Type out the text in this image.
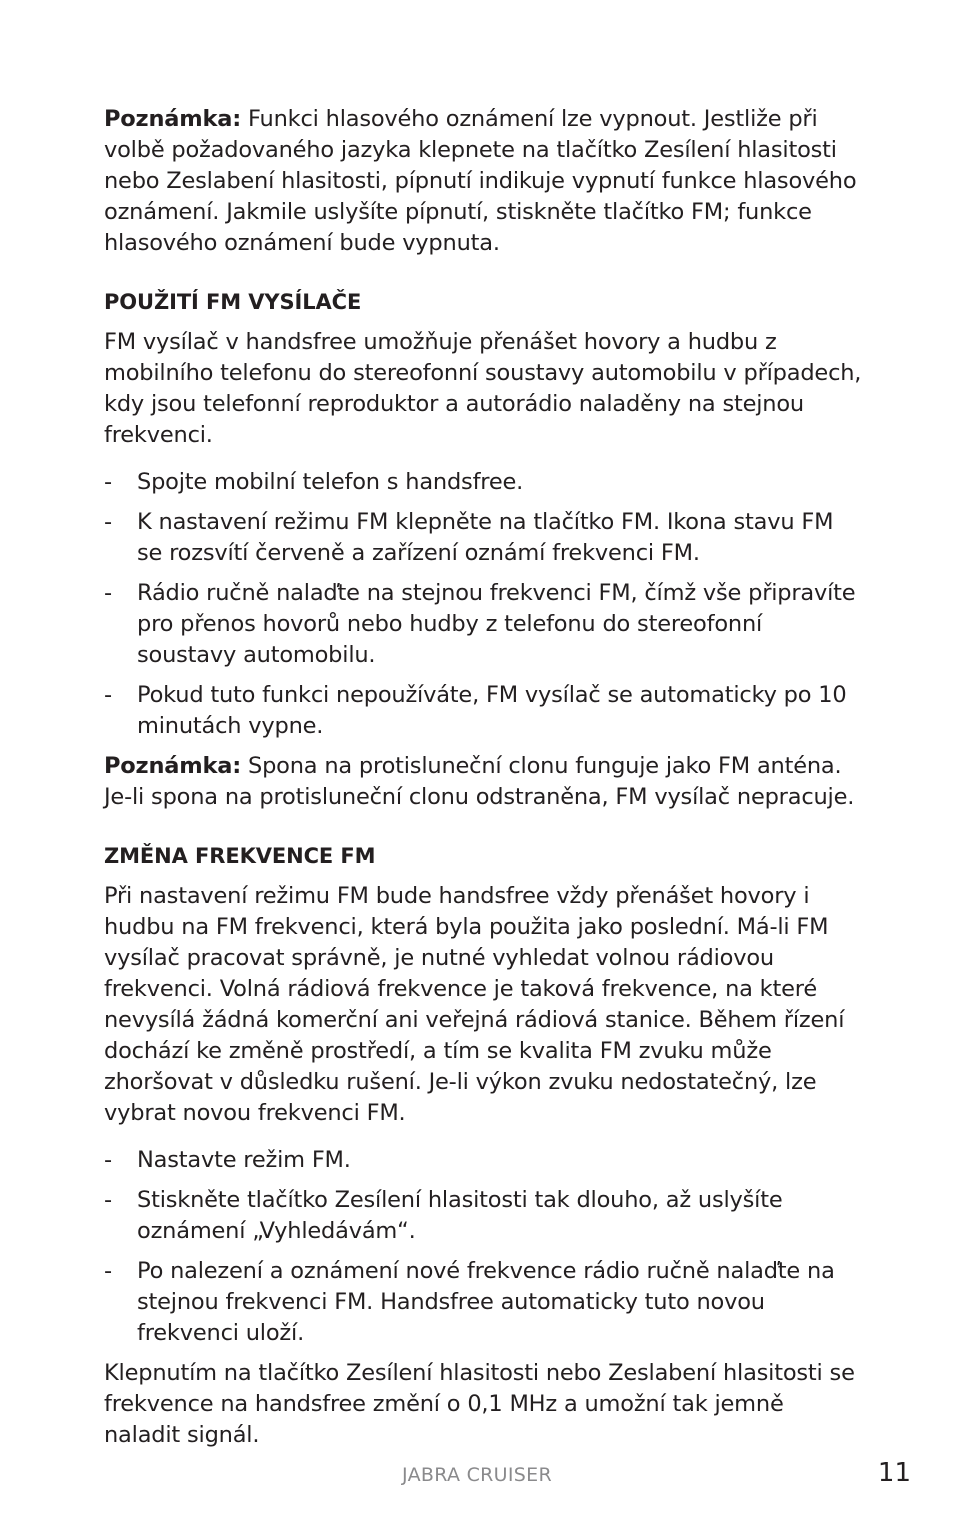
Poznámka: Funkci hlasového oznámení lze vypnout. Jestliže při volbě požadovaného jazyka klepnete na tlačítko Zesílení hlasitosti nebo Zeslabení hlasitosti, pípnutí indikuje vypnutí funkce hlasového oznámení. Jakmile uslyšíte pípnutí, stiskněte tlačítko FM; funkce hlasového oznámení bude vypnuta.

POUŽITÍ FM VYSÍLAČE

FM vysílač v handsfree umožňuje přenášet hovory a hudbu z mobilního telefonu do stereofonní soustavy automobilu v případech, kdy jsou telefonní reproduktor a autorádio naladěny na stejnou frekvenci.

- Spojte mobilní telefon s handsfree.
- K nastavení režimu FM klepněte na tlačítko FM. Ikona stavu FM se rozsvítí červeně a zařízení oznámí frekvenci FM.
- Rádio ručně nalaďte na stejnou frekvenci FM, čímž vše připravíte pro přenos hovorů nebo hudby z telefonu do stereofonní soustavy automobilu.
- Pokud tuto funkci nepoužíváte, FM vysílač se automaticky po 10 minutách vypne.

Poznámka: Spona na protisluneční clonu funguje jako FM anténa. Je-li spona na protisluneční clonu odstraněna, FM vysílač nepracuje.

ZMĚNA FREKVENCE FM

Při nastavení režimu FM bude handsfree vždy přenášet hovory i hudbu na FM frekvenci, která byla použita jako poslední. Má-li FM vysílač pracovat správně, je nutné vyhledat volnou rádiovou frekvenci. Volná rádiová frekvence je taková frekvence, na které nevysílá žádná komerční ani veřejná rádiová stanice. Během řízení dochází ke změně prostředí, a tím se kvalita FM zvuku může zhoršovat v důsledku rušení. Je-li výkon zvuku nedostatečný, lze vybrat novou frekvenci FM.

- Nastavte režim FM.
- Stiskněte tlačítko Zesílení hlasitosti tak dlouho, až uslyšíte oznámení „Vyhledávám“.
- Po nalezení a oznámení nové frekvence rádio ručně nalaďte na stejnou frekvenci FM. Handsfree automaticky tuto novou frekvenci uloží.

Klepnutím na tlačítko Zesílení hlasitosti nebo Zeslabení hlasitosti se frekvence na handsfree změní o 0,1 MHz a umožní tak jemně naladit signál.

JABRA CRUISER	11
